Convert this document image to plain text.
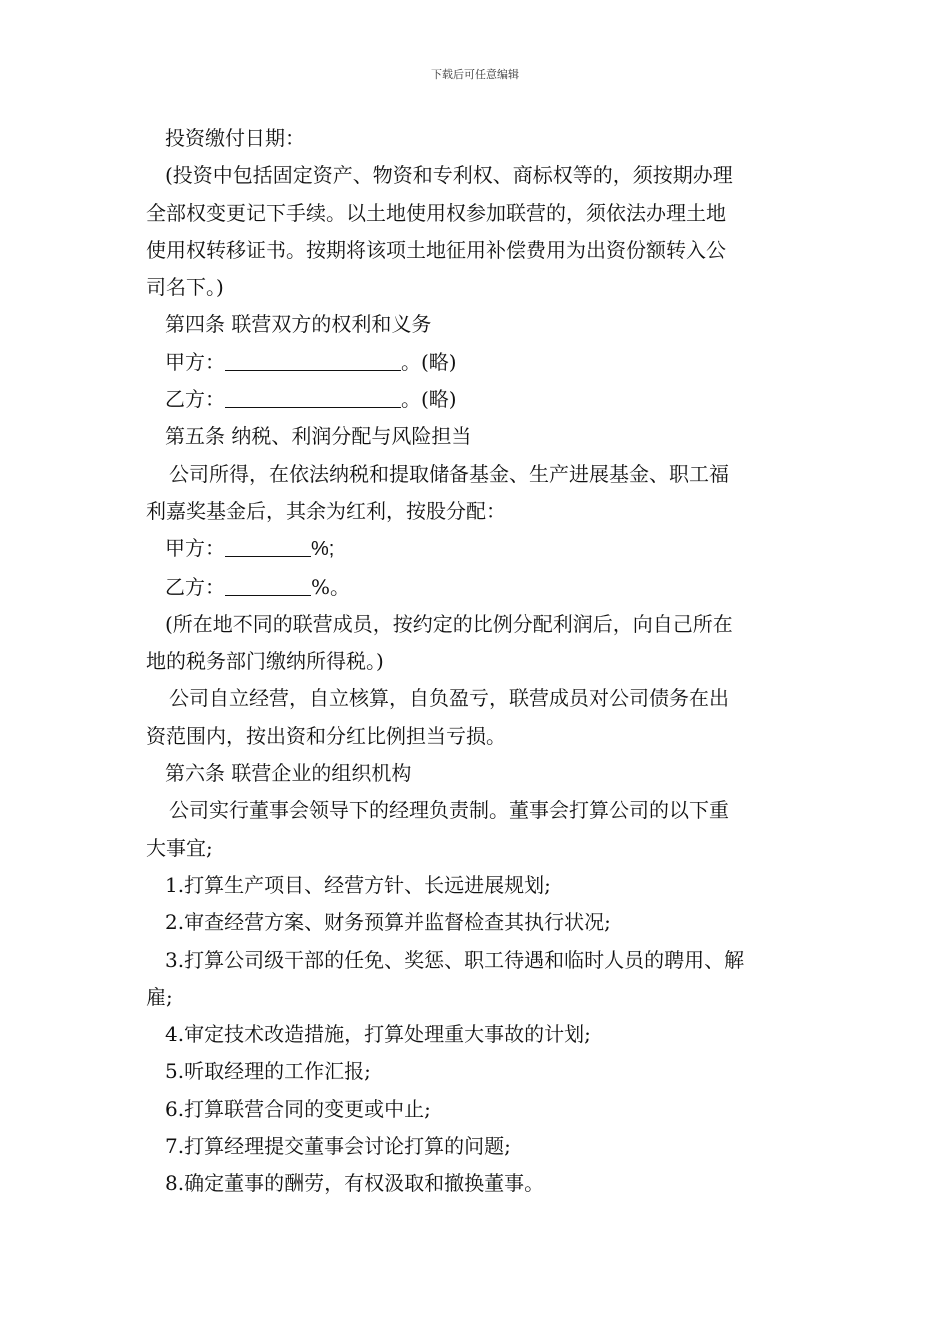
下载后可任意编辑

投资缴付日期：

(投资中包括固定资产、物资和专利权、商标权等的，须按期办理

全部权变更记下手续。以土地使用权参加联营的，须依法办理土地

使用权转移证书。按期将该项土地征用补偿费用为出资份额转入公

司名下。)

第四条 联营双方的权利和义务

甲方：	。(略)

乙方：	。(略)

第五条 纳税、利润分配与风险担当

公司所得，在依法纳税和提取储备基金、生产进展基金、职工福

利嘉奖基金后，其余为红利，按股分配：

甲方：	%;

乙方：	%。

(所在地不同的联营成员，按约定的比例分配利润后，向自己所在

地的税务部门缴纳所得税。)

公司自立经营，自立核算，自负盈亏，联营成员对公司债务在出

资范围内，按出资和分红比例担当亏损。

第六条 联营企业的组织机构

公司实行董事会领导下的经理负责制。董事会打算公司的以下重

大事宜;

1.打算生产项目、经营方针、长远进展规划;

2.审查经营方案、财务预算并监督检查其执行状况;

3.打算公司级干部的任免、奖惩、职工待遇和临时人员的聘用、解

雇;

4.审定技术改造措施，打算处理重大事故的计划;

5.听取经理的工作汇报;

6.打算联营合同的变更或中止;

7.打算经理提交董事会讨论打算的问题;

8.确定董事的酬劳，有权汲取和撤换董事。
